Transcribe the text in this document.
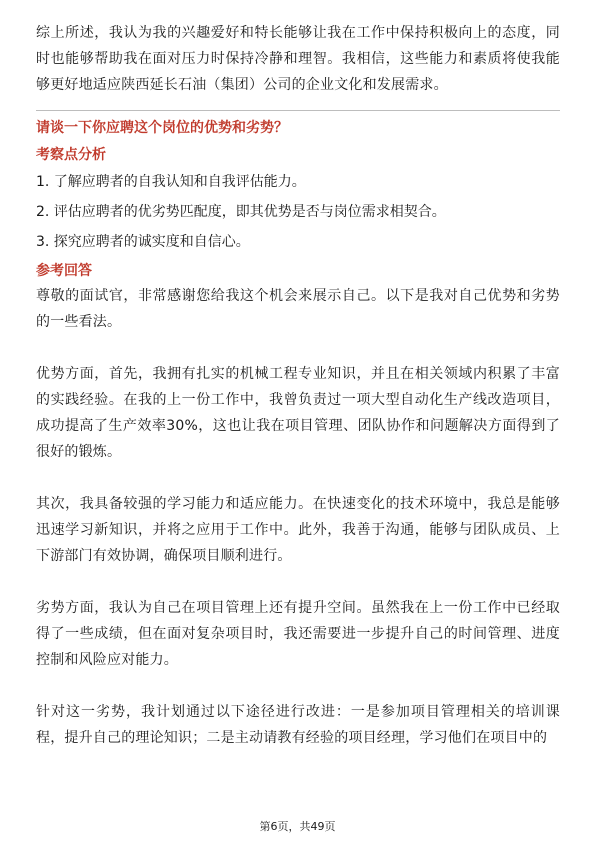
综上所述，我认为我的兴趣爱好和特长能够让我在工作中保持积极向上的态度，同时也能够帮助我在面对压力时保持冷静和理智。我相信，这些能力和素质将使我能够更好地适应陕西延长石油（集团）公司的企业文化和发展需求。

请谈一下你应聘这个岗位的优势和劣势？

考察点分析

1. 了解应聘者的自我认知和自我评估能力。

2. 评估应聘者的优劣势匹配度，即其优势是否与岗位需求相契合。

3. 探究应聘者的诚实度和自信心。

参考回答

尊敬的面试官，非常感谢您给我这个机会来展示自己。以下是我对自己优势和劣势的一些看法。

优势方面，首先，我拥有扎实的机械工程专业知识，并且在相关领域内积累了丰富的实践经验。在我的上一份工作中，我曾负责过一项大型自动化生产线改造项目，成功提高了生产效率30%，这也让我在项目管理、团队协作和问题解决方面得到了很好的锻炼。

其次，我具备较强的学习能力和适应能力。在快速变化的技术环境中，我总是能够迅速学习新知识，并将之应用于工作中。此外，我善于沟通，能够与团队成员、上下游部门有效协调，确保项目顺利进行。

劣势方面，我认为自己在项目管理上还有提升空间。虽然我在上一份工作中已经取得了一些成绩，但在面对复杂项目时，我还需要进一步提升自己的时间管理、进度控制和风险应对能力。

针对这一劣势，我计划通过以下途径进行改进：一是参加项目管理相关的培训课程，提升自己的理论知识；二是主动请教有经验的项目经理，学习他们在项目中的

第6页，共49页
